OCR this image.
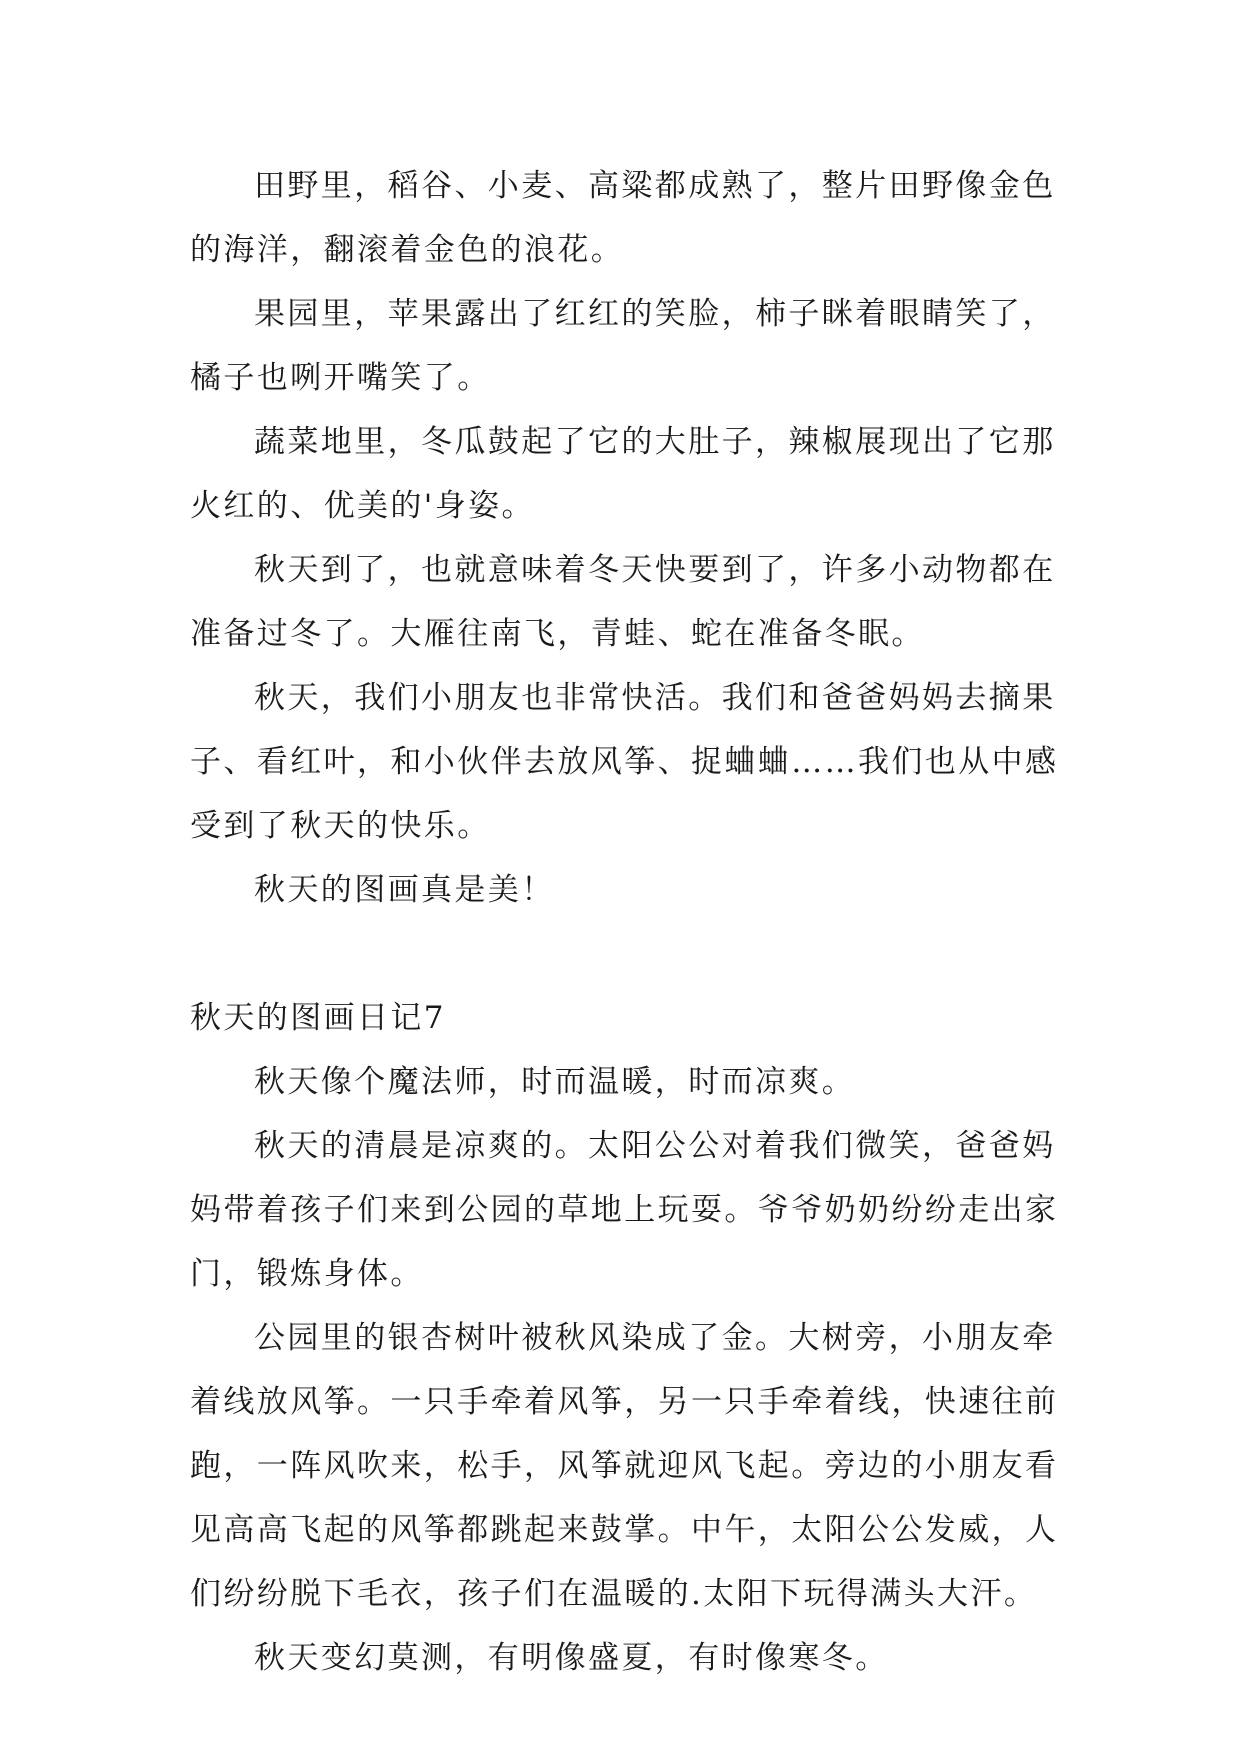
田野里，稻谷、小麦、高粱都成熟了，整片田野像金色

的海洋，翻滚着金色的浪花。

果园里，苹果露出了红红的笑脸，柿子眯着眼睛笑了，

橘子也咧开嘴笑了。

蔬菜地里，冬瓜鼓起了它的大肚子，辣椒展现出了它那

火红的、优美的'身姿。

秋天到了，也就意味着冬天快要到了，许多小动物都在

准备过冬了。大雁往南飞，青蛙、蛇在准备冬眠。

秋天，我们小朋友也非常快活。我们和爸爸妈妈去摘果

子、看红叶，和小伙伴去放风筝、捉蛐蛐……我们也从中感

受到了秋天的快乐。

秋天的图画真是美！

秋天的图画日记7

秋天像个魔法师，时而温暖，时而凉爽。

秋天的清晨是凉爽的。太阳公公对着我们微笑，爸爸妈

妈带着孩子们来到公园的草地上玩耍。爷爷奶奶纷纷走出家

门，锻炼身体。

公园里的银杏树叶被秋风染成了金。大树旁，小朋友牵

着线放风筝。一只手牵着风筝，另一只手牵着线，快速往前

跑，一阵风吹来，松手，风筝就迎风飞起。旁边的小朋友看

见高高飞起的风筝都跳起来鼓掌。中午，太阳公公发威，人

们纷纷脱下毛衣，孩子们在温暖的.太阳下玩得满头大汗。

秋天变幻莫测，有明像盛夏，有时像寒冬。
